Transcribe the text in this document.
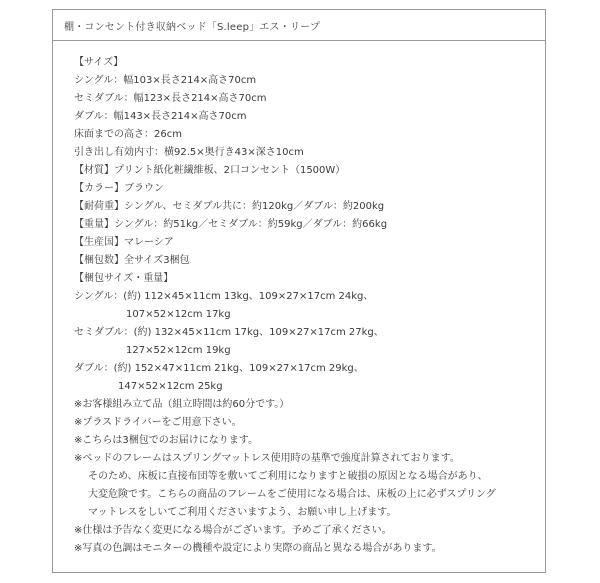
棚・コンセント付き収納ベッド「S.leep」エス・リープ
【サイズ】
シングル：幅103×長さ214×高さ70cm
セミダブル：幅123×長さ214×高さ70cm
ダブル：幅143×長さ214×高さ70cm
床面までの高さ：26cm
引き出し有効内寸：横92.5×奥行き43×深さ10cm
【材質】プリント紙化粧繊維板、2口コンセント（1500W）
【カラー】ブラウン
【耐荷重】シングル、セミダブル共に：約120kg／ダブル：約200kg
【重量】シングル：約51kg／セミダブル：約59kg／ダブル：約66kg
【生産国】マレーシア
【梱包数】全サイズ3梱包
【梱包サイズ・重量】
シングル：(約) 112×45×11cm 13kg、109×27×17cm 24kg、
107×52×12cm 17kg
セミダブル：(約) 132×45×11cm 17kg、109×27×17cm 27kg、
127×52×12cm 19kg
ダブル：(約) 152×47×11cm 21kg、109×27×17cm 29kg、
147×52×12cm 25kg
※お客様組み立て品（組立時間は約60分です。）
※プラスドライバーをご用意下さい。
※こちらは3梱包でのお届けになります。
※ベッドのフレームはスプリングマットレス使用時の基準で強度計算されております。
そのため、床板に直接布団等を敷いてご利用になりますと破損の原因となる場合があり、
大変危険です。こちらの商品のフレームをご使用になる場合は、床板の上に必ずスプリング
マットレスをしいてご利用くださいますよう、お願い申し上げます。
※仕様は予告なく変更になる場合がございます。予めご了承ください。
※写真の色調はモニターの機種や設定により実際の商品と異なる場合があります。
